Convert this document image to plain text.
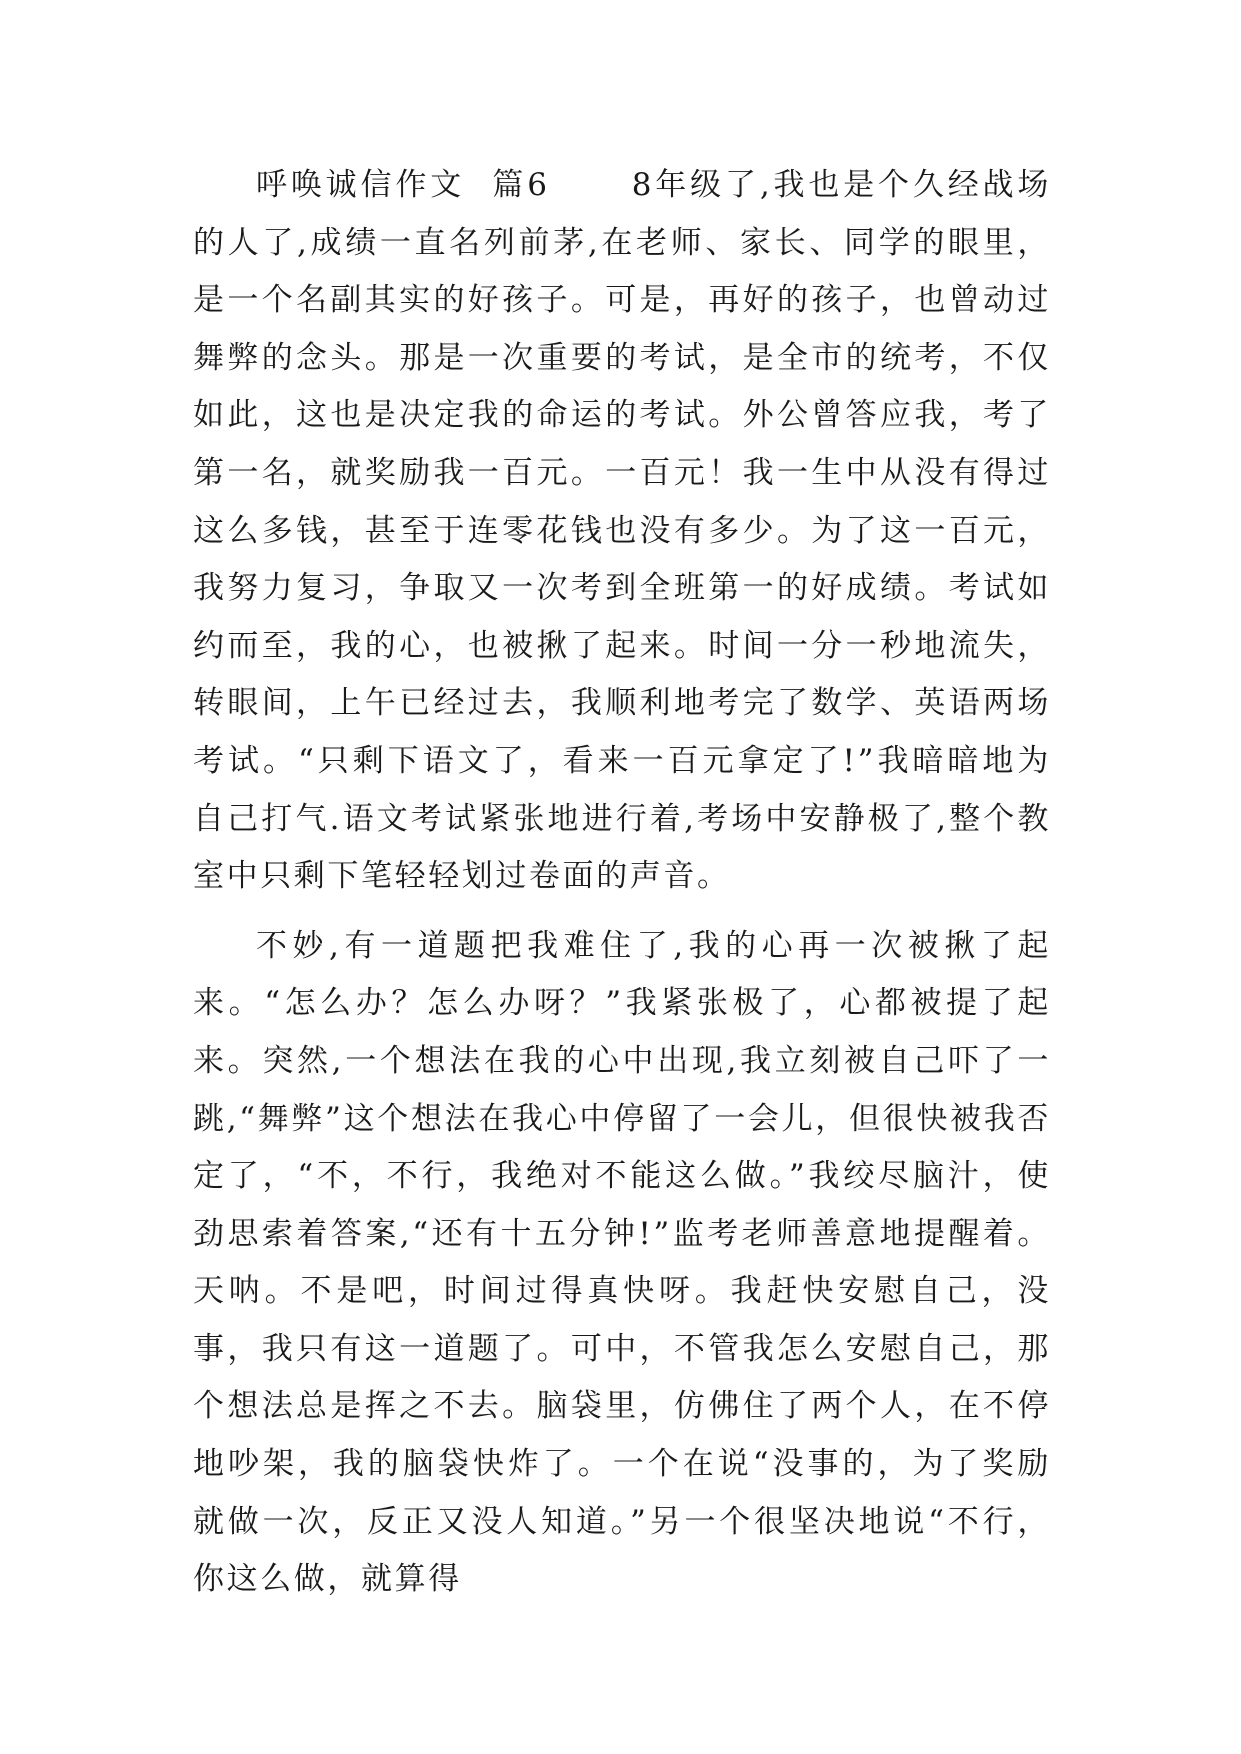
呼唤诚信作文  篇6      8年级了,我也是个久经战场的人了,成绩一直名列前茅,在老师、家长、同学的眼里，是一个名副其实的好孩子。可是，再好的孩子，也曾动过舞弊的念头。那是一次重要的考试，是全市的统考，不仅如此，这也是决定我的命运的考试。外公曾答应我，考了第一名，就奖励我一百元。一百元！我一生中从没有得过这么多钱，甚至于连零花钱也没有多少。为了这一百元，我努力复习，争取又一次考到全班第一的好成绩。考试如约而至，我的心，也被揪了起来。时间一分一秒地流失，转眼间，上午已经过去，我顺利地考完了数学、英语两场考试。“只剩下语文了，看来一百元拿定了!”我暗暗地为自己打气.语文考试紧张地进行着,考场中安静极了,整个教室中只剩下笔轻轻划过卷面的声音。

不妙,有一道题把我难住了,我的心再一次被揪了起来。“怎么办？怎么办呀？”我紧张极了，心都被提了起来。突然,一个想法在我的心中出现,我立刻被自己吓了一跳,“舞弊”这个想法在我心中停留了一会儿，但很快被我否定了，“不，不行，我绝对不能这么做。”我绞尽脑汁，使劲思索着答案,“还有十五分钟!”监考老师善意地提醒着。天呐。不是吧，时间过得真快呀。我赶快安慰自己，没事，我只有这一道题了。可中，不管我怎么安慰自己，那个想法总是挥之不去。脑袋里，仿佛住了两个人，在不停地吵架，我的脑袋快炸了。一个在说“没事的，为了奖励就做一次，反正又没人知道。”另一个很坚决地说“不行，你这么做，就算得
